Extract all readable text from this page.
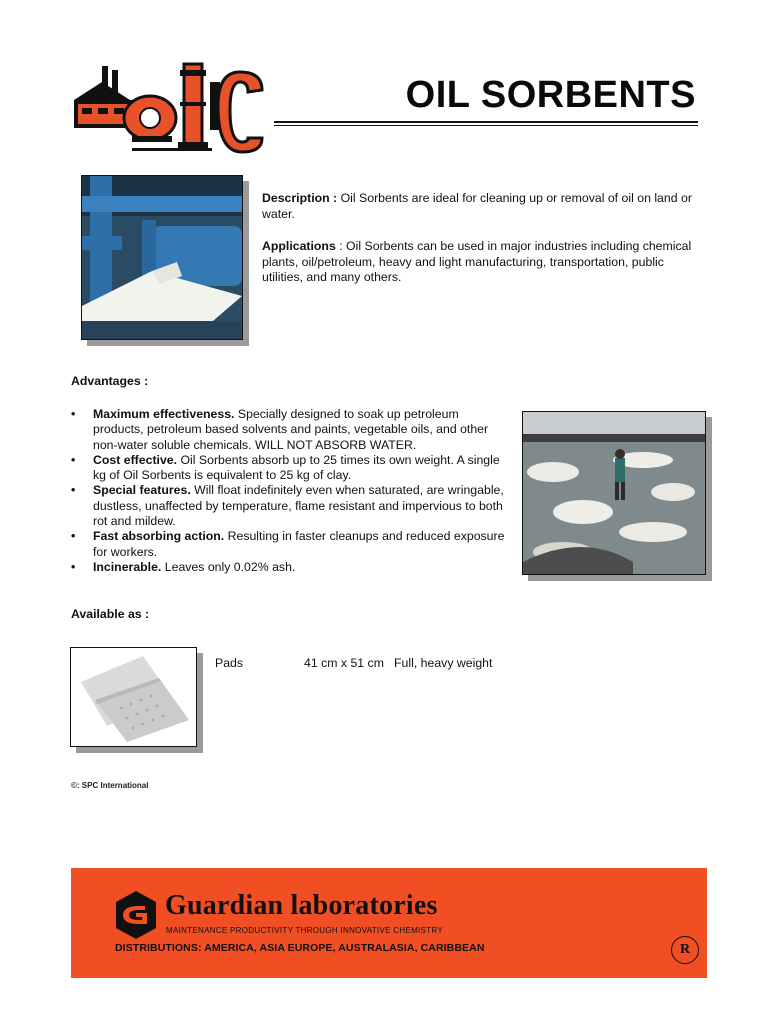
OIL SORBENTS

Description : Oil Sorbents are ideal for cleaning up or removal of oil on land or water.

Applications : Oil Sorbents can be used in major industries including chemical plants, oil/petroleum, heavy and light manufacturing, transportation, public utilities, and many others.

Advantages :
• Maximum effectiveness. Specially designed to soak up petroleum products, petroleum based solvents and paints, vegetable oils, and other non-water soluble chemicals. WILL NOT ABSORB WATER.
• Cost effective. Oil Sorbents absorb up to 25 times its own weight. A single kg of Oil Sorbents is equivalent to 25 kg of clay.
• Special features. Will float indefinitely even when saturated, are wringable, dustless, unaffected by temperature, flame resistant and impervious to both rot and mildew.
• Fast absorbing action. Resulting in faster cleanups and reduced exposure for workers.
• Incinerable. Leaves only 0.02% ash.
Available as :
Pads	41 cm x 51 cm Full, heavy weight
©: SPC International
Guardian laboratories
MAINTENANCE PRODUCTIVITY THROUGH INNOVATIVE CHEMISTRY
DISTRIBUTIONS: AMERICA, ASIA EUROPE, AUSTRALASIA, CARIBBEAN	R
